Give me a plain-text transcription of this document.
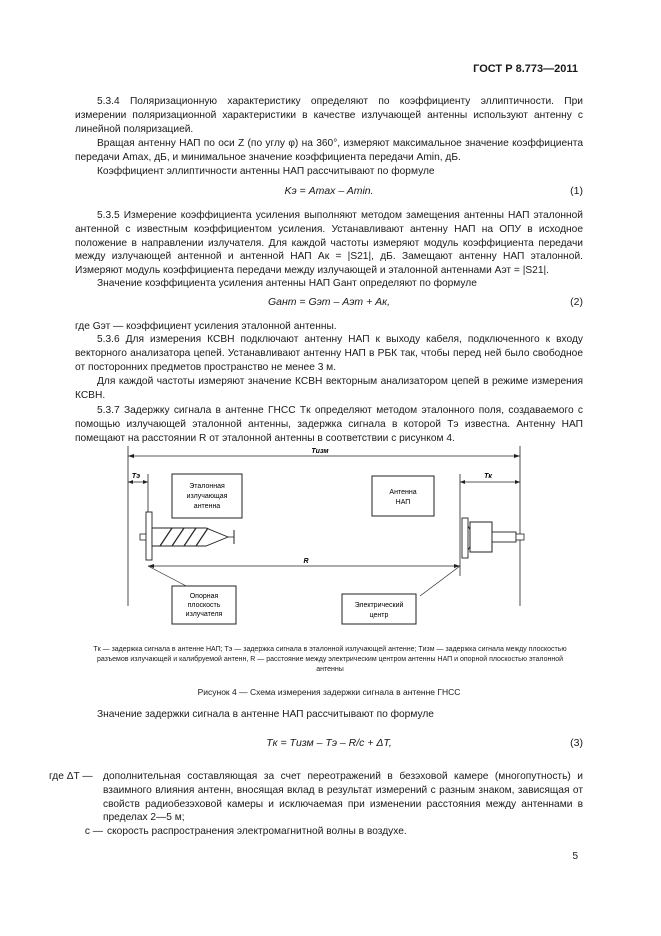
ГОСТ Р 8.773—2011
5.3.4 Поляризационную характеристику определяют по коэффициенту эллиптичности. При измерении поляризационной характеристики в качестве излучающей антенны используют антенну с линейной поляризацией.
Вращая антенну НАП по оси Z (по углу φ) на 360°, измеряют максимальное значение коэффициента передачи Amax, дБ, и минимальное значение коэффициента передачи Amin, дБ.
Коэффициент эллиптичности антенны НАП рассчитывают по формуле
Kэ = Amax – Amin.	(1)
5.3.5 Измерение коэффициента усиления выполняют методом замещения антенны НАП эталонной антенной с известным коэффициентом усиления. Устанавливают антенну НАП на ОПУ в исходное положение в направлении излучателя. Для каждой частоты измеряют модуль коэффициента передачи между излучающей антенной и антенной НАП Aк = |S21|, дБ. Замещают антенну НАП эталонной. Измеряют модуль коэффициента передачи между излучающей и эталонной антеннами Aэт = |S21|.
Значение коэффициента усиления антенны НАП Gант определяют по формуле
Gант = Gэт – Aэт + Aк,	(2)
где Gэт — коэффициент усиления эталонной антенны.
5.3.6 Для измерения КСВН подключают антенну НАП к выходу кабеля, подключенного к входу векторного анализатора цепей. Устанавливают антенну НАП в РБК так, чтобы перед ней было свободное от посторонних предметов пространство не менее 3 м.
Для каждой частоты измеряют значение КСВН векторным анализатором цепей в режиме измерения КСВН.
5.3.7 Задержку сигнала в антенне ГНСС Tк определяют методом эталонного поля, создаваемого с помощью излучающей эталонной антенны, задержка сигнала в которой Tэ известна. Антенну НАП помещают на расстоянии R от эталонной антенны в соответствии с рисунком 4.
Tизм
Tэ	Tк
Эталонная
излучающая
антенна
Антенна
НАП
R
Опорная
плоскость
излучателя
Электрический
центр
Tк — задержка сигнала в антенне НАП; Tэ — задержка сигнала в эталонной излучающей антенне; Tизм — задержка сигнала между плоскостью разъемов излучающей и калибруемой антенн, R — расстояние между электрическим центром антенны НАП и опорной плоскостью эталонной антенны
Рисунок 4 — Схема измерения задержки сигнала в антенне ГНСС
Значение задержки сигнала в антенне НАП рассчитывают по формуле
Tк = Tизм – Tэ – R/c + ΔT,	(3)
где ΔT —	дополнительная составляющая за счет переотражений в безэховой камере (многопутность) и взаимного влияния антенн, вносящая вклад в результат измерений с разным знаком, зависящая от свойств радиобезэховой камеры и исключаемая при изменении расстояния между антеннами в пределах 2—5 м;
c — скорость распространения электромагнитной волны в воздухе.
5
